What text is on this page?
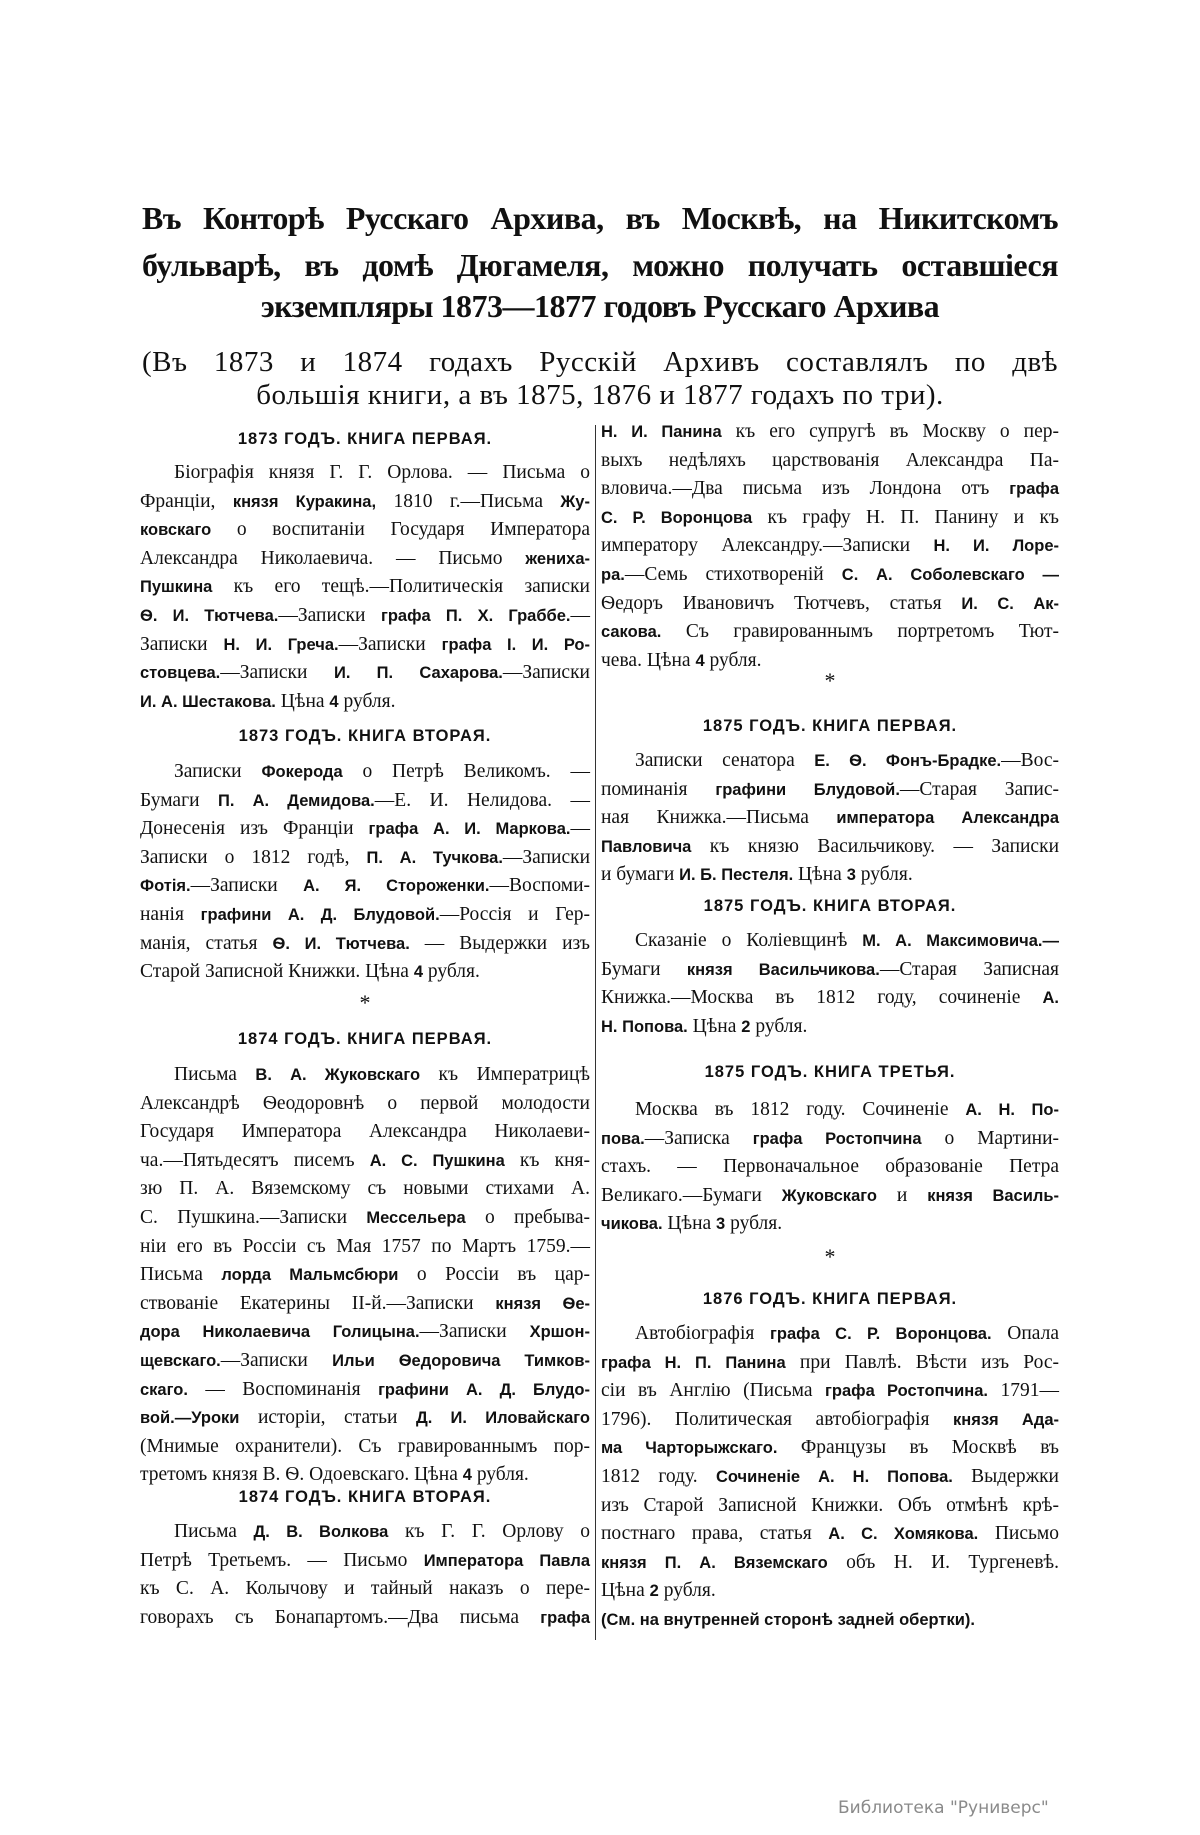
Въ Конторѣ Русскаго Архива, въ Москвѣ, на Никитскомъ
бульварѣ, въ домѣ Дюгамеля, можно получать оставшіеся
экземпляры 1873—1877 годовъ Русскаго Архива
(Въ 1873 и 1874 годахъ Русскій Архивъ составлялъ по двѣ
большія книги, а въ 1875, 1876 и 1877 годахъ по три).
1873 ГОДЪ. КНИГА ПЕРВАЯ.
Біографія князя Г. Г. Орлова. — Письма о
Франціи, князя Куракина, 1810 г.—Письма Жу-
ковскаго о воспитаніи Государя Императора
Александра Николаевича. — Письмо жениха-
Пушкина къ его тещѣ.—Политическія записки
Ѳ. И. Тютчева.—Записки графа П. Х. Граббе.—
Записки Н. И. Греча.—Записки графа І. И. Ро-
стовцева.—Записки И. П. Сахарова.—Записки
И. А. Шестакова. Цѣна 4 рубля.
1873 ГОДЪ. КНИГА ВТОРАЯ.
Записки Фокерода о Петрѣ Великомъ. —
Бумаги П. А. Демидова.—Е. И. Нелидова. —
Донесенія изъ Франціи графа А. И. Маркова.—
Записки о 1812 годѣ, П. А. Тучкова.—Записки
Фотія.—Записки А. Я. Стороженки.—Воспоми-
нанія графини А. Д. Блудовой.—Россія и Гер-
манія, статья Ѳ. И. Тютчева. — Выдержки изъ
Старой Записной Книжки. Цѣна 4 рубля.
*
1874 ГОДЪ. КНИГА ПЕРВАЯ.
Письма В. А. Жуковскаго къ Императрицѣ
Александрѣ Ѳеодоровнѣ о первой молодости
Государя Императора Александра Николаеви-
ча.—Пятьдесятъ писемъ А. С. Пушкина къ кня-
зю П. А. Вяземскому съ новыми стихами А.
С. Пушкина.—Записки Мессельера о пребыва-
ніи его въ Россіи съ Мая 1757 по Мартъ 1759.—
Письма лорда Мальмсбюри о Россіи въ цар-
ствованіе Екатерины II-й.—Записки князя Ѳе-
дора Николаевича Голицына.—Записки Хршон-
щевскаго.—Записки Ильи Ѳедоровича Тимков-
скаго. — Воспоминанія графини А. Д. Блудо-
вой.—Уроки исторіи, статьи Д. И. Иловайскаго
(Мнимые охранители). Съ гравированнымъ пор-
третомъ князя В. Ѳ. Одоевскаго. Цѣна 4 рубля.
1874 ГОДЪ. КНИГА ВТОРАЯ.
Письма Д. В. Волкова къ Г. Г. Орлову о
Петрѣ Третьемъ. — Письмо Императора Павла
къ С. А. Колычову и тайный наказъ о пере-
говорахъ съ Бонапартомъ.—Два письма графа
Н. И. Панина къ его супругѣ въ Москву о пер-
выхъ недѣляхъ царствованія Александра Па-
вловича.—Два письма изъ Лондона отъ графа
С. Р. Воронцова къ графу Н. П. Панину и къ
императору Александру.—Записки Н. И. Лоре-
ра.—Семь стихотвореній С. А. Соболевскаго —
Ѳедоръ Ивановичъ Тютчевъ, статья И. С. Ак-
сакова. Съ гравированнымъ портретомъ Тют-
чева. Цѣна 4 рубля.
*
1875 ГОДЪ. КНИГА ПЕРВАЯ.
Записки сенатора Е. Ѳ. Фонъ-Брадке.—Вос-
поминанія графини Блудовой.—Старая Запис-
ная Книжка.—Письма императора Александра
Павловича къ князю Васильчикову. — Записки
и бумаги И. Б. Пестеля. Цѣна 3 рубля.
1875 ГОДЪ. КНИГА ВТОРАЯ.
Сказаніе о Коліевщинѣ М. А. Максимовича.—
Бумаги князя Васильчикова.—Старая Записная
Книжка.—Москва въ 1812 году, сочиненіе А.
Н. Попова. Цѣна 2 рубля.
1875 ГОДЪ. КНИГА ТРЕТЬЯ.
Москва въ 1812 году. Сочиненіе А. Н. По-
пова.—Записка графа Ростопчина о Мартини-
стахъ. — Первоначальное образованіе Петра
Великаго.—Бумаги Жуковскаго и князя Василь-
чикова. Цѣна 3 рубля.
*
1876 ГОДЪ. КНИГА ПЕРВАЯ.
Автобіографія графа С. Р. Воронцова. Опала
графа Н. П. Панина при Павлѣ. Вѣсти изъ Рос-
сіи въ Англію (Письма графа Ростопчина. 1791—
1796). Политическая автобіографія князя Ада-
ма Чарторыжскаго. Французы въ Москвѣ въ
1812 году. Сочиненіе А. Н. Попова. Выдержки
изъ Старой Записной Книжки. Объ отмѣнѣ крѣ-
постнаго права, статья А. С. Хомякова. Письмо
князя П. А. Вяземскаго объ Н. И. Тургеневѣ.
Цѣна 2 рубля.
(См. на внутренней сторонѣ задней обертки).
Библиотека "Руниверс"
